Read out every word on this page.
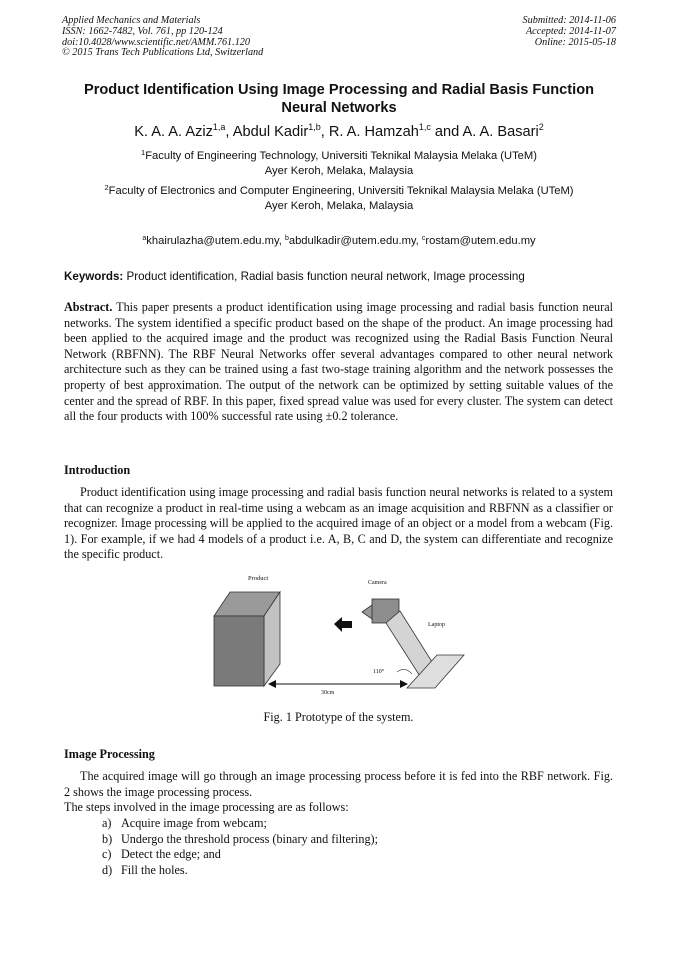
Applied Mechanics and Materials
ISSN: 1662-7482, Vol. 761, pp 120-124
doi:10.4028/www.scientific.net/AMM.761.120
© 2015 Trans Tech Publications Ltd, Switzerland
Submitted: 2014-11-06
Accepted: 2014-11-07
Online: 2015-05-18
Product Identification Using Image Processing and Radial Basis Function Neural Networks
K. A. A. Aziz$^{1,a}$, Abdul Kadir$^{1,b}$, R. A. Hamzah$^{1,c}$ and A. A. Basari$^2$
$^1$Faculty of Engineering Technology, Universiti Teknikal Malaysia Melaka (UTeM)
Ayer Keroh, Melaka, Malaysia
$^2$Faculty of Electronics and Computer Engineering, Universiti Teknikal Malaysia Melaka (UTeM)
Ayer Keroh, Melaka, Malaysia
$^a$khairulazha@utem.edu.my, $^b$abdulkadir@utem.edu.my, $^c$rostam@utem.edu.my
Keywords: Product identification, Radial basis function neural network, Image processing
Abstract. This paper presents a product identification using image processing and radial basis function neural networks. The system identified a specific product based on the shape of the product. An image processing had been applied to the acquired image and the product was recognized using the Radial Basis Function Neural Network (RBFNN). The RBF Neural Networks offer several advantages compared to other neural network architecture such as they can be trained using a fast two-stage training algorithm and the network possesses the property of best approximation. The output of the network can be optimized by setting suitable values of the center and the spread of RBF. In this paper, fixed spread value was used for every cluster. The system can detect all the four products with 100% successful rate using ±0.2 tolerance.
Introduction
Product identification using image processing and radial basis function neural networks is related to a system that can recognize a product in real-time using a webcam as an image acquisition and RBFNN as a classifier or recognizer. Image processing will be applied to the acquired image of an object or a model from a webcam (Fig. 1). For example, if we had 4 models of a product i.e. A, B, C and D, the system can differentiate and recognize the specific product.
Product
Camera
Laptop
110°
30cm
Fig. 1 Prototype of the system.
Image Processing
The acquired image will go through an image processing process before it is fed into the RBF network. Fig. 2 shows the image processing process.
The steps involved in the image processing are as follows:
a) Acquire image from webcam;
b) Undergo the threshold process (binary and filtering);
c) Detect the edge; and
d) Fill the holes.
